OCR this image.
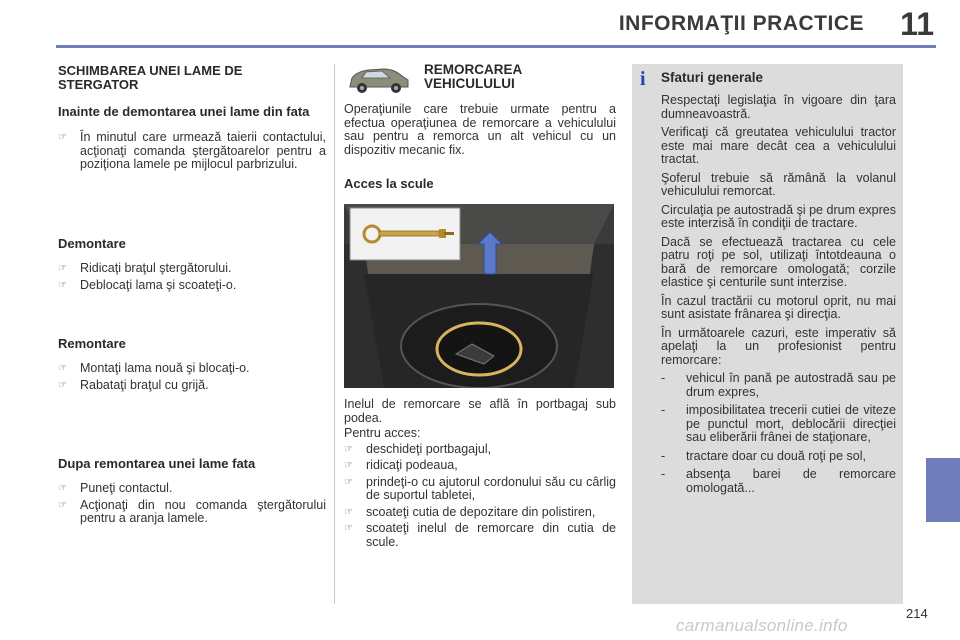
INFORMAŢII PRACTICE 11
SCHIMBAREA UNEI LAME DE STERGATOR
Inainte de demontarea unei lame din fata
☞ În minutul care urmează taierii contactului, acţionaţi comanda ştergătoarelor pentru a poziţiona lamele pe mijlocul parbrizului.
Demontare
☞ Ridicaţi braţul ştergătorului.
☞ Deblocaţi lama şi scoateţi-o.
Remontare
☞ Montaţi lama nouă şi blocaţi-o.
☞ Rabataţi braţul cu grijă.
Dupa remontarea unei lame fata
☞ Puneţi contactul.
☞ Acţionaţi din nou comanda ştergătorului pentru a aranja lamele.
REMORCAREA VEHICULULUI
Operaţiunile care trebuie urmate pentru a efectua operaţiunea de remorcare a vehiculului sau pentru a remorca un alt vehicul cu un dispozitiv mecanic fix.
Acces la scule
Inelul de remorcare se află în portbagaj sub podea.
Pentru acces:
☞ deschideţi portbagajul,
☞ ridicaţi podeaua,
☞ prindeţi-o cu ajutorul cordonului său cu cârlig de suportul tabletei,
☞ scoateţi cutia de depozitare din polistiren,
☞ scoateţi inelul de remorcare din cutia de scule.
i Sfaturi generale

Respectaţi legislaţia în vigoare din ţara dumneavoastră.

Verificaţi că greutatea vehiculului tractor este mai mare decât cea a vehiculului tractat.

Şoferul trebuie să rămână la volanul vehiculului remorcat.

Circulaţia pe autostradă şi pe drum expres este interzisă în condiţii de tractare.

Dacă se efectuează tractarea cu cele patru roţi pe sol, utilizaţi întotdeauna o bară de remorcare omologată; corzile elastice şi centurile sunt interzise.

În cazul tractării cu motorul oprit, nu mai sunt asistate frânarea şi direcţia.

În următoarele cazuri, este imperativ să apelaţi la un profesionist pentru remorcare:

- vehicul în pană pe autostradă sau pe drum expres,
- imposibilitatea trecerii cutiei de viteze pe punctul mort, deblocării direcţiei sau eliberării frânei de staţionare,
- tractare doar cu două roţi pe sol,
- absenţa barei de remorcare omologată...
214
carmanualsonline.info
